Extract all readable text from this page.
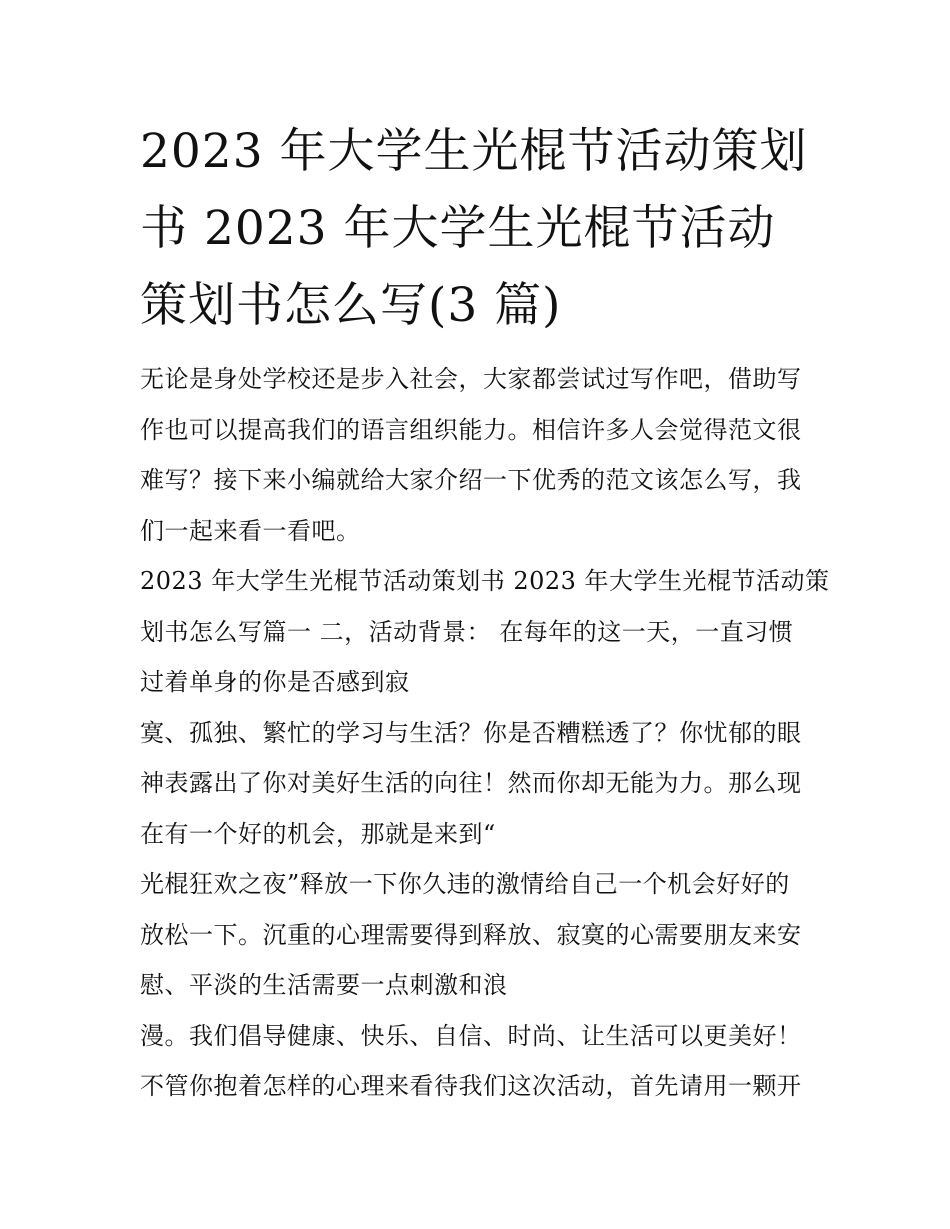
2023 年大学生光棍节活动策划
书 2023 年大学生光棍节活动
策划书怎么写(3 篇)
无论是身处学校还是步入社会，大家都尝试过写作吧，借助写
作也可以提高我们的语言组织能力。相信许多人会觉得范文很
难写？接下来小编就给大家介绍一下优秀的范文该怎么写，我
们一起来看一看吧。
2023 年大学生光棍节活动策划书 2023 年大学生光棍节活动策
划书怎么写篇一 二，活动背景： 在每年的这一天，一直习惯
过着单身的你是否感到寂
寞、孤独、繁忙的学习与生活？你是否糟糕透了？你忧郁的眼
神表露出了你对美好生活的向往！然而你却无能为力。那么现
在有一个好的机会，那就是来到“
光棍狂欢之夜”释放一下你久违的激情给自己一个机会好好的
放松一下。沉重的心理需要得到释放、寂寞的心需要朋友来安
慰、平淡的生活需要一点刺激和浪
漫。我们倡导健康、快乐、自信、时尚、让生活可以更美好！
不管你抱着怎样的心理来看待我们这次活动，首先请用一颗开
